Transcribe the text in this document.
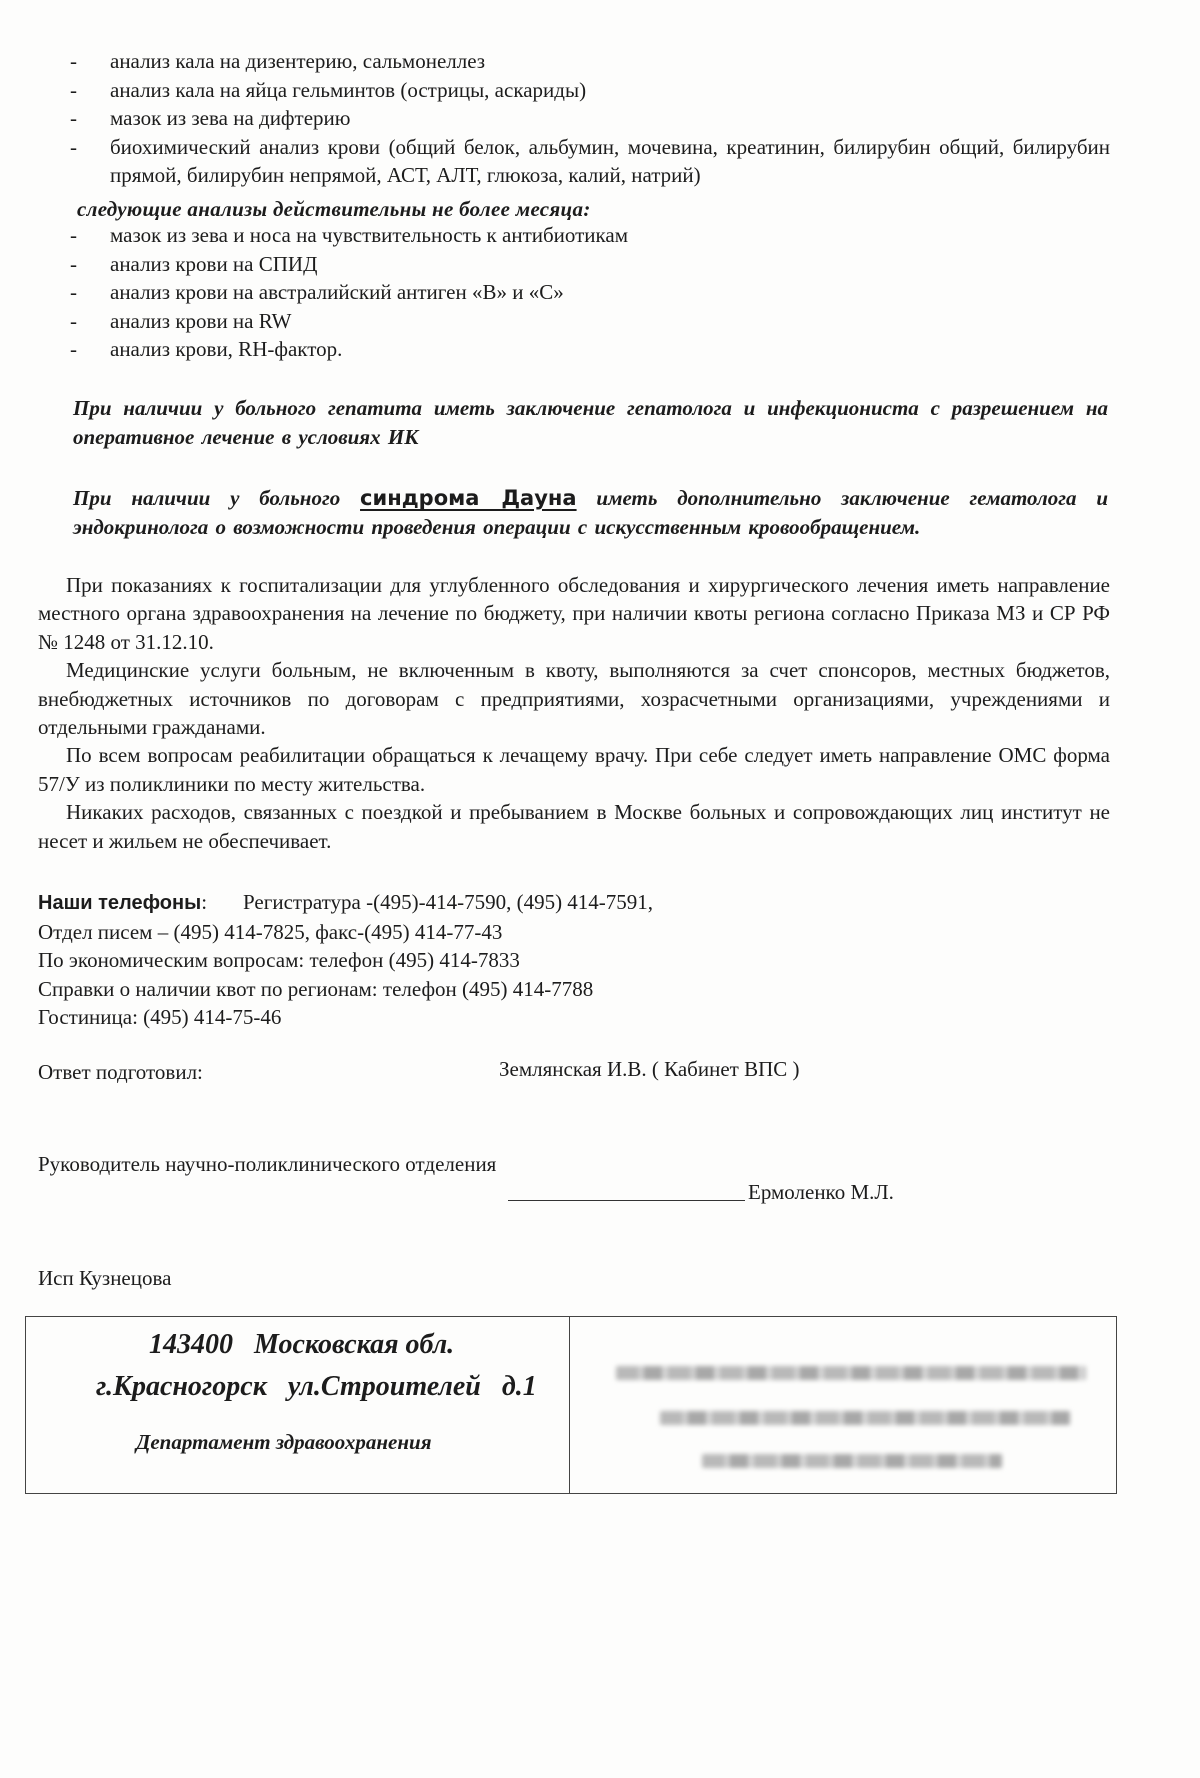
- анализ кала на дизентерию, сальмонеллез
- анализ кала на яйца гельминтов (острицы, аскариды)
- мазок из зева на дифтерию
- биохимический анализ крови (общий белок, альбумин, мочевина, креатинин, билирубин общий, билирубин прямой, билирубин непрямой, АСТ, АЛТ, глюкоза, калий, натрий)
следующие анализы действительны не более месяца:
- мазок из зева и носа на чувствительность к антибиотикам
- анализ крови на СПИД
- анализ крови на австралийский антиген «В» и «С»
- анализ крови на RW
- анализ крови, RH-фактор.
При наличии у больного гепатита иметь заключение гепатолога и инфекциониста с разрешением на оперативное лечение в условиях ИК
При наличии у больного синдрома Дауна иметь дополнительно заключение гематолога и эндокринолога о возможности проведения операции с искусственным кровообращением.

При показаниях к госпитализации для углубленного обследования и хирургического лечения иметь направление местного органа здравоохранения на лечение по бюджету, при наличии квоты региона согласно Приказа МЗ и СР РФ № 1248 от 31.12.10.

Медицинские услуги больным, не включенным в квоту, выполняются за счет спонсоров, местных бюджетов, внебюджетных источников по договорам с предприятиями, хозрасчетными организациями, учреждениями и отдельными гражданами.

По всем вопросам реабилитации обращаться к лечащему врачу. При себе следует иметь направление ОМС форма 57/У из поликлиники по месту жительства.

Никаких расходов, связанных с поездкой и пребыванием в Москве больных и сопровождающих лиц институт не несет и жильем не обеспечивает.

Наши телефоны: Регистратура -(495)-414-7590, (495) 414-7591,
Отдел писем – (495) 414-7825, факс-(495) 414-77-43
По экономическим вопросам: телефон (495) 414-7833
Справки о наличии квот по регионам: телефон (495) 414-7788
Гостиница: (495) 414-75-46
Ответ подготовил:	Землянская И.В. ( Кабинет ВПС )
Руководитель научно-поликлинического отделения
Ермоленко М.Л.
Исп Кузнецова
143400   Московская обл.
г.Красногорск   ул.Строителей   д.1
Департамент здравоохранения
